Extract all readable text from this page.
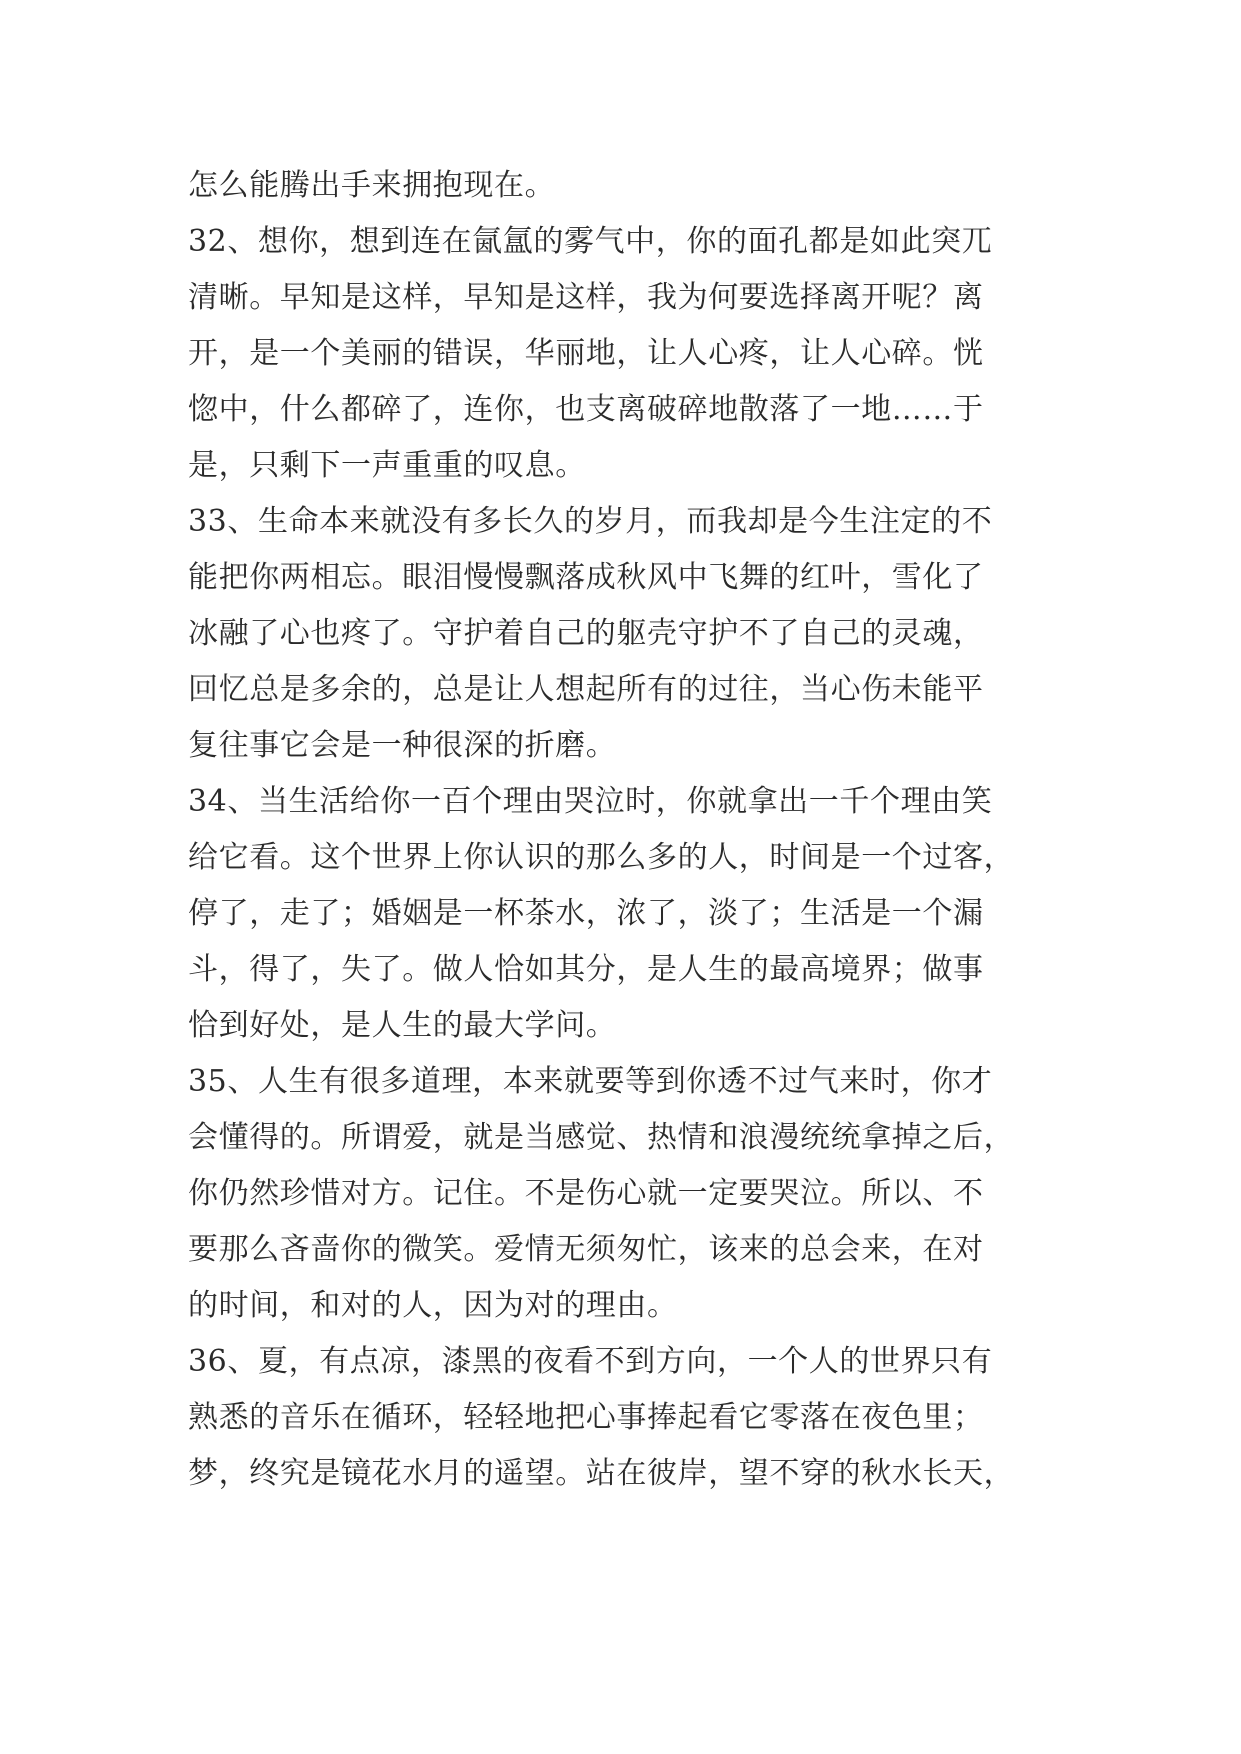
怎么能腾出手来拥抱现在。
32、想你，想到连在氤氲的雾气中，你的面孔都是如此突兀
清晰。早知是这样，早知是这样，我为何要选择离开呢？离
开，是一个美丽的错误，华丽地，让人心疼，让人心碎。恍
惚中，什么都碎了，连你，也支离破碎地散落了一地……于
是，只剩下一声重重的叹息。
33、生命本来就没有多长久的岁月，而我却是今生注定的不
能把你两相忘。眼泪慢慢飘落成秋风中飞舞的红叶，雪化了
冰融了心也疼了。守护着自己的躯壳守护不了自己的灵魂，
回忆总是多余的，总是让人想起所有的过往，当心伤未能平
复往事它会是一种很深的折磨。
34、当生活给你一百个理由哭泣时，你就拿出一千个理由笑
给它看。这个世界上你认识的那么多的人，时间是一个过客，
停了，走了；婚姻是一杯茶水，浓了，淡了；生活是一个漏
斗，得了，失了。做人恰如其分，是人生的最高境界；做事
恰到好处，是人生的最大学问。
35、人生有很多道理，本来就要等到你透不过气来时，你才
会懂得的。所谓爱，就是当感觉、热情和浪漫统统拿掉之后，
你仍然珍惜对方。记住。不是伤心就一定要哭泣。所以、不
要那么吝啬你的微笑。爱情无须匆忙，该来的总会来，在对
的时间，和对的人，因为对的理由。
36、夏，有点凉，漆黑的夜看不到方向，一个人的世界只有
熟悉的音乐在循环，轻轻地把心事捧起看它零落在夜色里；
梦，终究是镜花水月的遥望。站在彼岸，望不穿的秋水长天，
